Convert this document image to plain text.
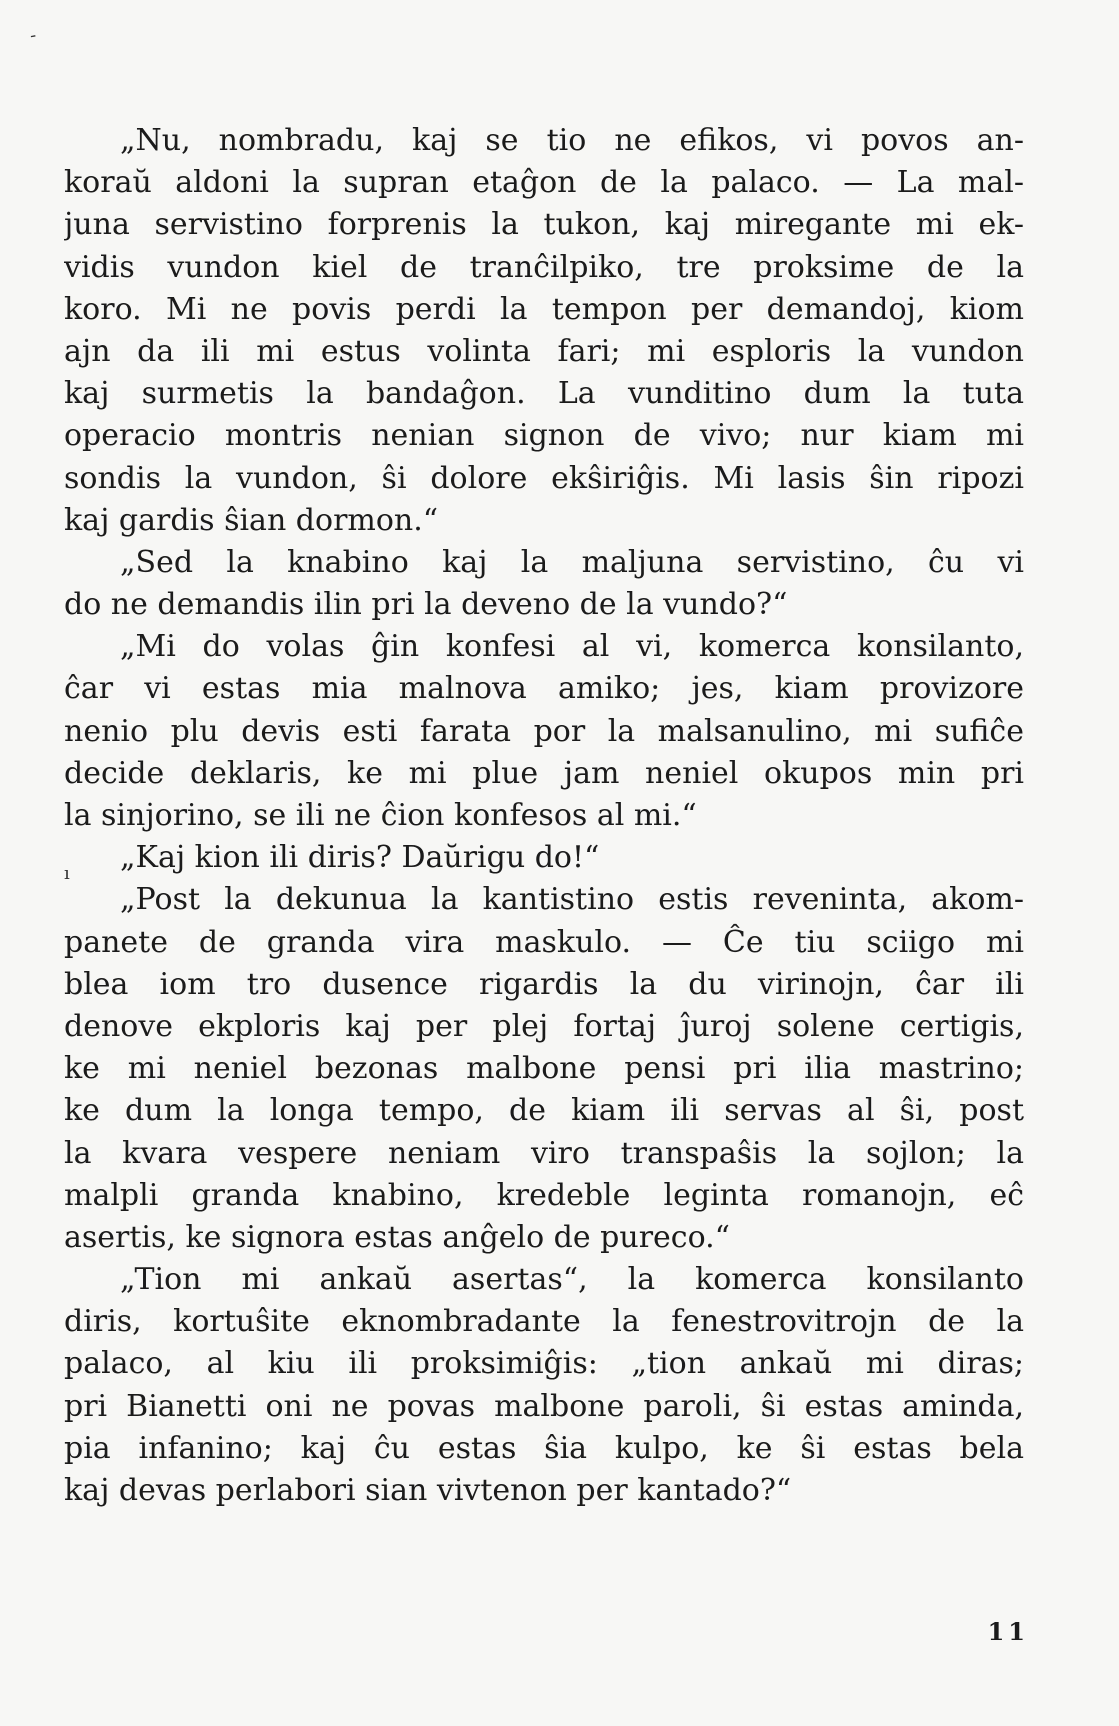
„Nu, nombradu, kaj se tio ne efikos, vi povos an-
koraŭ aldoni la supran etaĝon de la palaco. — La mal-
juna servistino forprenis la tukon, kaj miregante mi ek-
vidis vundon kiel de tranĉilpiko, tre proksime de la
koro. Mi ne povis perdi la tempon per demandoj, kiom
ajn da ili mi estus volinta fari; mi esploris la vundon
kaj surmetis la bandaĝon. La vunditino dum la tuta
operacio montris nenian signon de vivo; nur kiam mi
sondis la vundon, ŝi dolore ekŝiriĝis. Mi lasis ŝin ripozi
kaj gardis ŝian dormon.“
„Sed la knabino kaj la maljuna servistino, ĉu vi
do ne demandis ilin pri la deveno de la vundo?“
„Mi do volas ĝin konfesi al vi, komerca konsilanto,
ĉar vi estas mia malnova amiko; jes, kiam provizore
nenio plu devis esti farata por la malsanulino, mi sufiĉe
decide deklaris, ke mi plue jam neniel okupos min pri
la sinjorino, se ili ne ĉion konfesos al mi.“
„Kaj kion ili diris? Daŭrigu do!“
„Post la dekunua la kantistino estis reveninta, akom-
panete de granda vira maskulo. — Ĉe tiu sciigo mi
blea iom tro dusence rigardis la du virinojn, ĉar ili
denove ekploris kaj per plej fortaj ĵuroj solene certigis,
ke mi neniel bezonas malbone pensi pri ilia mastrino;
ke dum la longa tempo, de kiam ili servas al ŝi, post
la kvara vespere neniam viro transpaŝis la sojlon; la
malpli granda knabino, kredeble leginta romanojn, eĉ
asertis, ke signora estas anĝelo de pureco.“
„Tion mi ankaŭ asertas“, la komerca konsilanto
diris, kortuŝite eknombradante la fenestrovitrojn de la
palaco, al kiu ili proksimiĝis: „tion ankaŭ mi diras;
pri Bianetti oni ne povas malbone paroli, ŝi estas aminda,
pia infanino; kaj ĉu estas ŝia kulpo, ke ŝi estas bela
kaj devas perlabori sian vivtenon per kantado?“
ı
‑
11
